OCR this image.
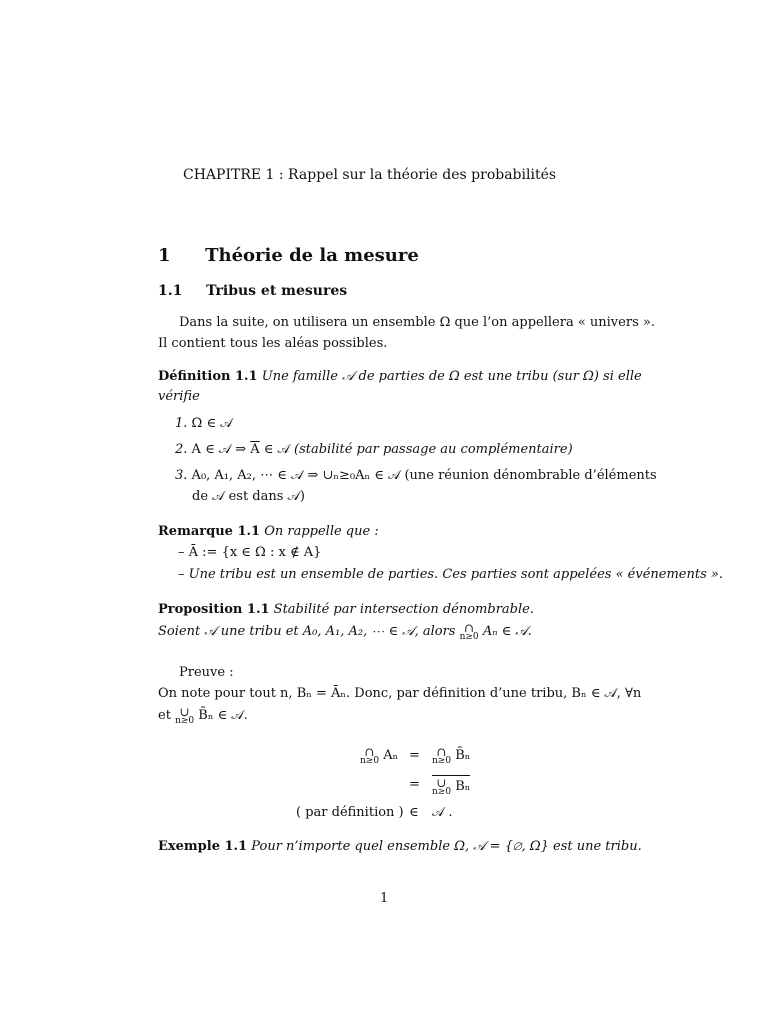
CHAPITRE 1 : Rappel sur la théorie des probabilités
1 Théorie de la mesure
1.1 Tribus et mesures
Dans la suite, on utilisera un ensemble Ω que l’on appellera « univers ».
Il contient tous les aléas possibles.
Définition 1.1 Une famille 𝒜 de parties de Ω est une tribu (sur Ω) si elle
vérifie
1. Ω ∈ 𝒜
2. A ∈ 𝒜 ⇒ $\overline{A}$ ∈ 𝒜 (stabilité par passage au complémentaire)
3. A₀, A₁, A₂, ⋯ ∈ 𝒜 ⇒ ∪ₙ≥₀Aₙ ∈ 𝒜 (une réunion dénombrable d’éléments
de 𝒜 est dans 𝒜)
Remarque 1.1 On rappelle que :
– Ā := {x ∈ Ω : x ∉ A}
– Une tribu est un ensemble de parties. Ces parties sont appelées « événements ».
Proposition 1.1 Stabilité par intersection dénombrable.
Soient 𝒜 une tribu et A₀, A₁, A₂, ⋯ ∈ 𝒜, alors ∩
n≥0 Aₙ ∈ 𝒜.
Preuve :
On note pour tout n, Bₙ = Āₙ. Donc, par définition d’une tribu, Bₙ ∈ 𝒜, ∀n
et ∪
n≥0 B̄ₙ ∈ 𝒜.
∩
n≥0 Aₙ =	∩
n≥0 B̄ₙ
=	∪
n≥0 Bₙ
( par définition ) ∈ 𝒜 .
Exemple 1.1 Pour n’importe quel ensemble Ω, 𝒜 = {∅, Ω} est une tribu.
1
